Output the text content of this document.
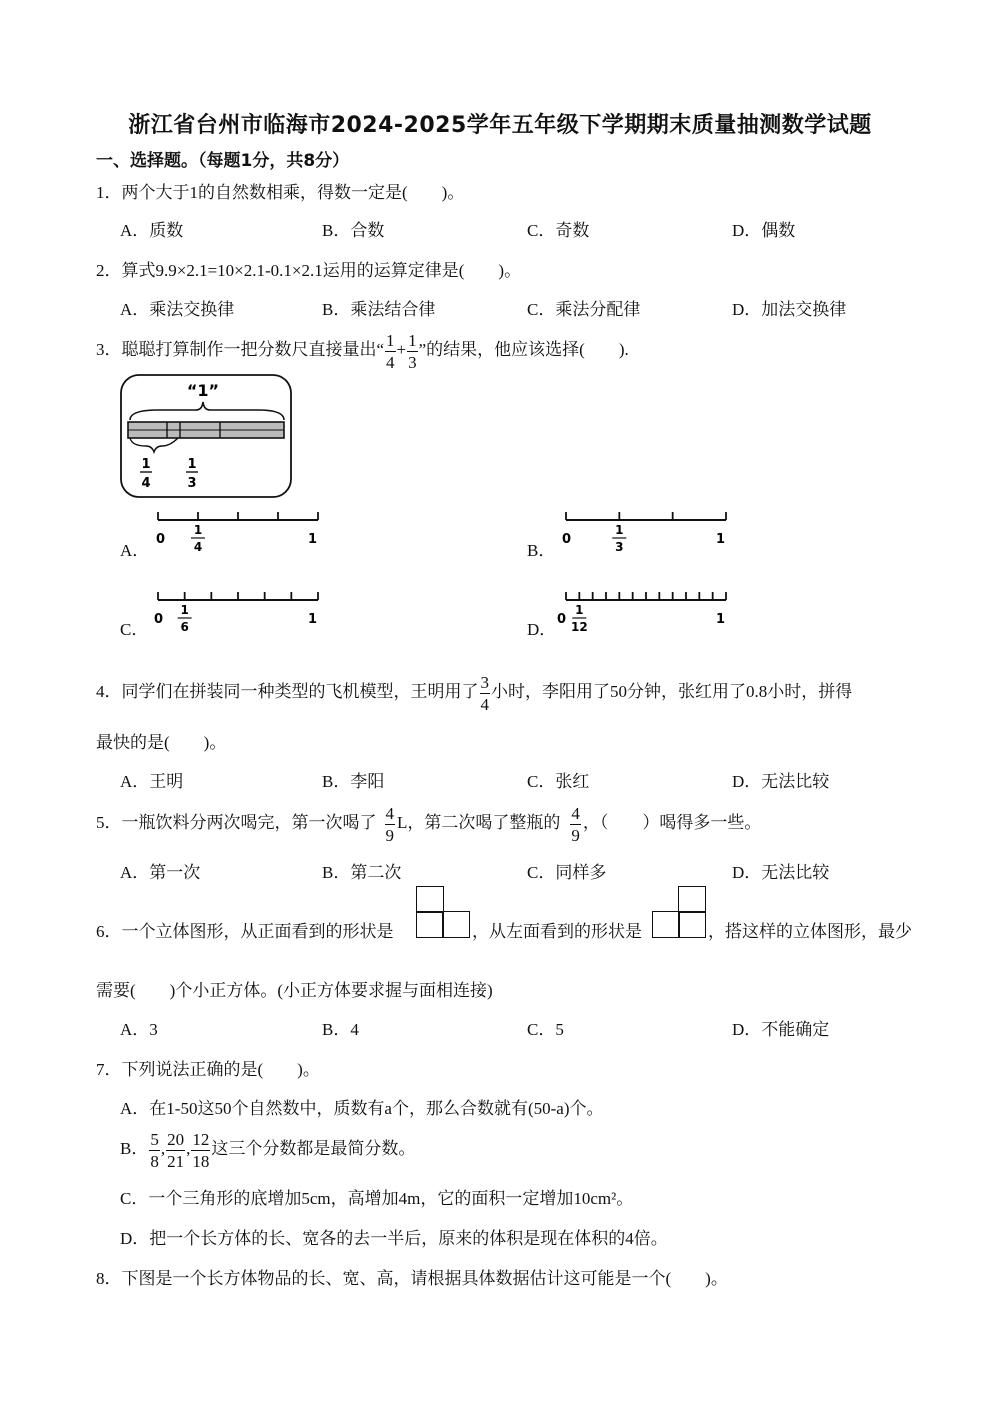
浙江省台州市临海市2024-2025学年五年级下学期期末质量抽测数学试题
一、选择题。（每题1分，共8分）
1．两个大于1的自然数相乘，得数一定是(　　)。
A．质数	B．合数	C．奇数	D．偶数
2．算式9.9×2.1=10×2.1-0.1×2.1运用的运算定律是(　　)。
A．乘法交换律	B．乘法结合律	C．乘法分配律	D．加法交换律
3．聪聪打算制作一把分数尺直接量出“ $\frac{1}{4} + \frac{1}{3}$ ”的结果，他应该选择(　　).
“1”
1
4
1
3
A．	B．
C．	D．
0	1
1
4	0	1
1
3
0	1
1
6	0	1
1
12
4．同学们在拼装同一种类型的飞机模型，王明用了 $\frac{3}{4}$ 小时，李阳用了50分钟，张红用了0.8小时，拼得
最快的是(　　)。
A．王明	B．李阳	C．张红	D．无法比较
5．一瓶饮料分两次喝完，第一次喝了 $\frac{4}{9}$ L，第二次喝了整瓶的 $\frac{4}{9}$ ，（　　）喝得多一些。
A．第一次	B．第二次	C．同样多	D．无法比较
6．一个立体图形，从正面看到的形状是	，从左面看到的形状是	，搭这样的立体图形，最少
需要(　　)个小正方体。(小正方体要求握与面相连接)
A．3	B．4	C．5	D．不能确定
7．下列说法正确的是(　　)。
A．在1-50这50个自然数中，质数有a个，那么合数就有(50-a)个。
B． $\frac{5}{8}$ , $\frac{20}{21}$ , $\frac{12}{18}$ 这三个分数都是最简分数。
C．一个三角形的底增加5cm，高增加4m，它的面积一定增加10cm²。
D．把一个长方体的长、宽各的去一半后，原来的体积是现在体积的4倍。
8．下图是一个长方体物品的长、宽、高，请根据具体数据估计这可能是一个(　　)。
